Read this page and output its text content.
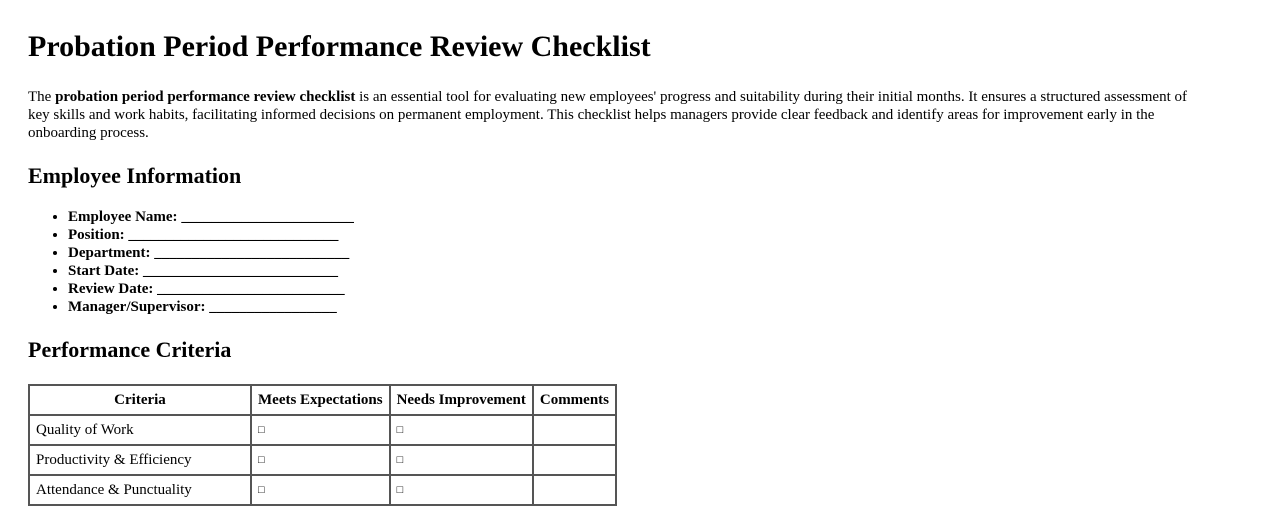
Probation Period Performance Review Checklist

The probation period performance review checklist is an essential tool for evaluating new employees' progress and suitability during their initial months. It ensures a structured assessment of key skills and work habits, facilitating informed decisions on permanent employment. This checklist helps managers provide clear feedback and identify areas for improvement early in the onboarding process.

Employee Information
• Employee Name: _______________________
• Position: ____________________________
• Department: __________________________
• Start Date: __________________________
• Review Date: _________________________
• Manager/Supervisor: _________________
Performance Criteria
Criteria	Meets Expectations	Needs Improvement	Comments
Quality of Work	□	□	
Productivity & Efficiency	□	□	
Attendance & Punctuality	□	□	
